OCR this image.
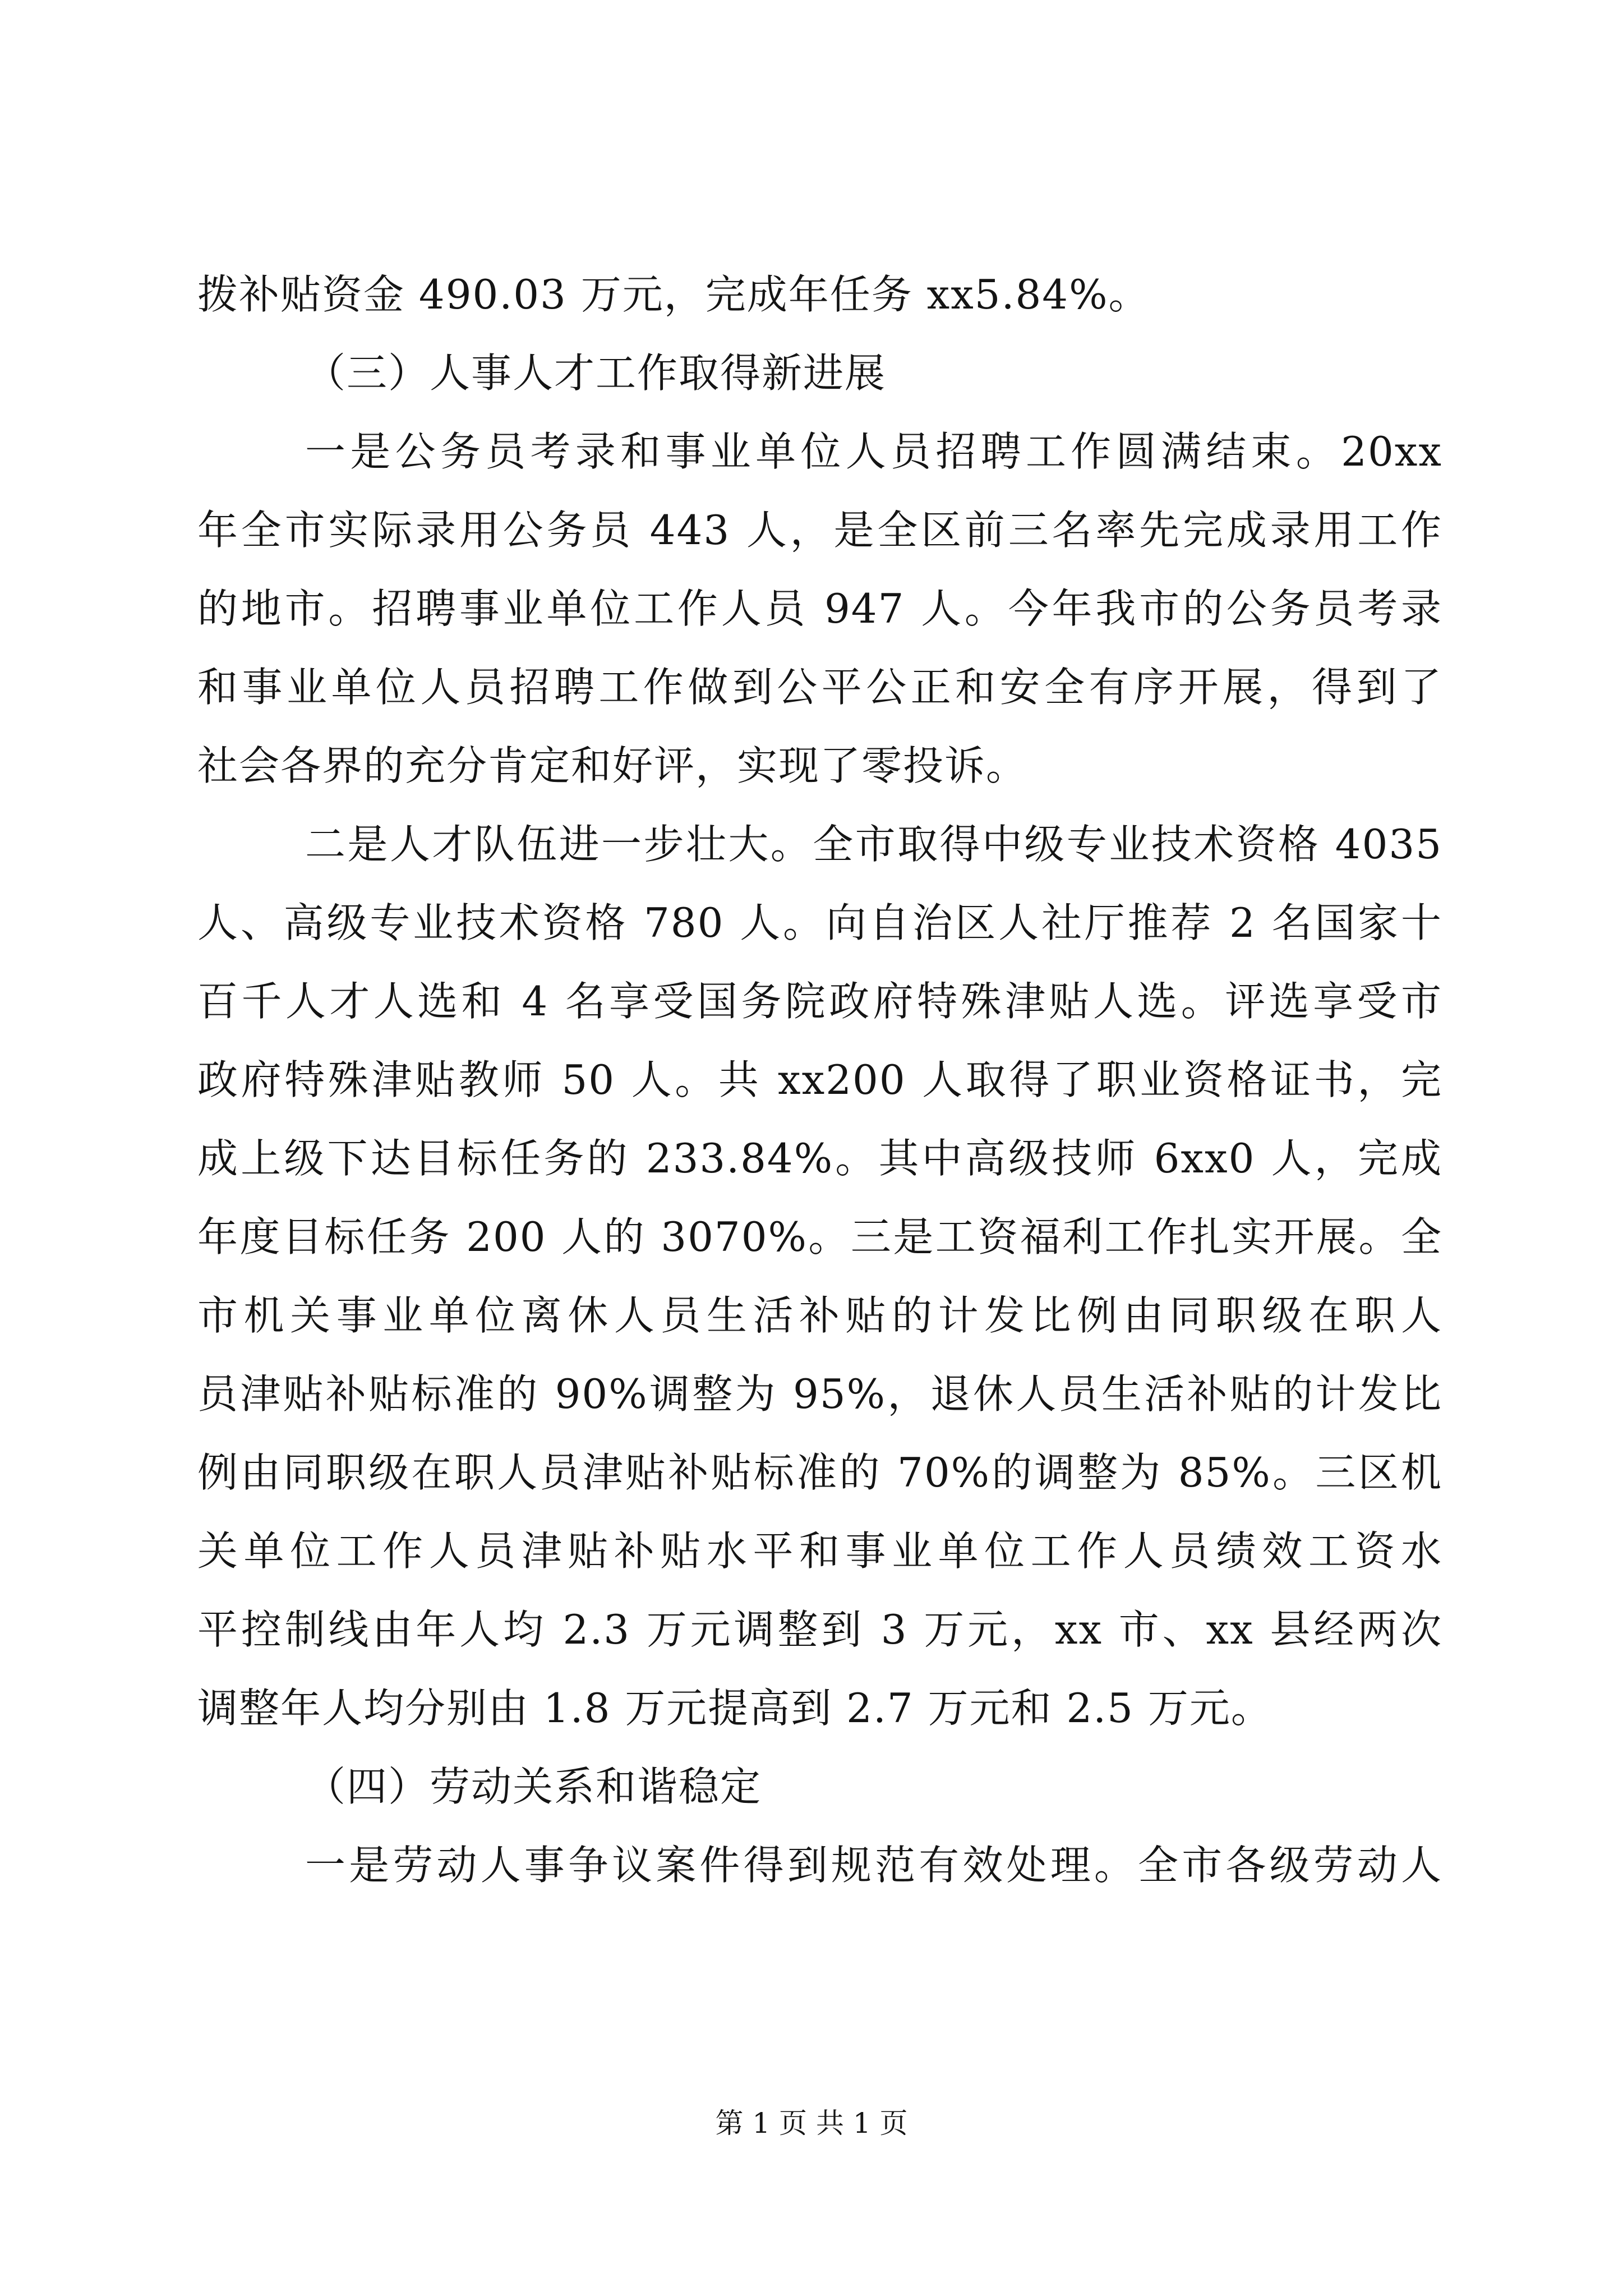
拨补贴资金 490.03 万元，完成年任务 xx5.84%。
（三）人事人才工作取得新进展
一是公务员考录和事业单位人员招聘工作圆满结束。20xx
年全市实际录用公务员 443 人，是全区前三名率先完成录用工作
的地市。招聘事业单位工作人员 947 人。今年我市的公务员考录
和事业单位人员招聘工作做到公平公正和安全有序开展，得到了
社会各界的充分肯定和好评，实现了零投诉。
二是人才队伍进一步壮大。全市取得中级专业技术资格 4035
人、高级专业技术资格 780 人。向自治区人社厅推荐 2 名国家十
百千人才人选和 4 名享受国务院政府特殊津贴人选。评选享受市
政府特殊津贴教师 50 人。共 xx200 人取得了职业资格证书，完
成上级下达目标任务的 233.84%。其中高级技师 6xx0 人，完成
年度目标任务 200 人的 3070%。三是工资福利工作扎实开展。全
市机关事业单位离休人员生活补贴的计发比例由同职级在职人
员津贴补贴标准的 90%调整为 95%，退休人员生活补贴的计发比
例由同职级在职人员津贴补贴标准的 70%的调整为 85%。三区机
关单位工作人员津贴补贴水平和事业单位工作人员绩效工资水
平控制线由年人均 2.3 万元调整到 3 万元，xx 市、xx 县经两次
调整年人均分别由 1.8 万元提高到 2.7 万元和 2.5 万元。
（四）劳动关系和谐稳定
一是劳动人事争议案件得到规范有效处理。全市各级劳动人
第 1 页 共 1 页
